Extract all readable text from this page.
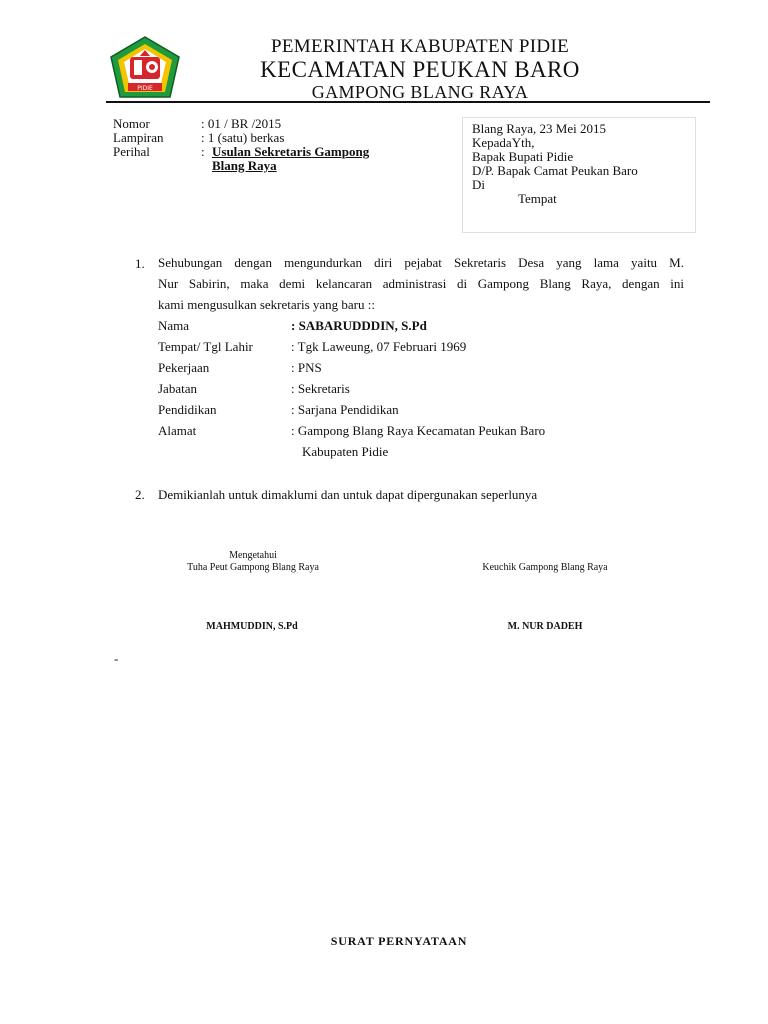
PIDIE
PEMERINTAH KABUPATEN PIDIE
KECAMATAN PEUKAN BARO
GAMPONG BLANG RAYA
Nomor	: 01 / BR /2015
Lampiran	: 1 (satu) berkas
Perihal	: Usulan Sekretaris Gampong
Blang Raya
Blang Raya, 23 Mei 2015
KepadaYth,
Bapak Bupati Pidie
D/P. Bapak Camat Peukan Baro
Di
Tempat
1. Sehubungan dengan mengundurkan diri pejabat Sekretaris Desa yang lama yaitu M.
Nur Sabirin, maka demi kelancaran administrasi di Gampong Blang Raya, dengan ini
kami mengusulkan sekretaris yang baru ::
Nama	: SABARUDDDIN, S.Pd
Tempat/ Tgl Lahir	: Tgk Laweung, 07 Februari 1969
Pekerjaan	: PNS
Jabatan	: Sekretaris
Pendidikan	: Sarjana Pendidikan
Alamat	: Gampong Blang Raya Kecamatan Peukan Baro
Kabupaten Pidie
2. Demikianlah untuk dimaklumi dan untuk dapat dipergunakan seperlunya
Mengetahui
Tuha Peut Gampong Blang Raya	Keuchik Gampong Blang Raya
MAHMUDDIN, S.Pd	M. NUR DADEH
-
SURAT PERNYATAAN
